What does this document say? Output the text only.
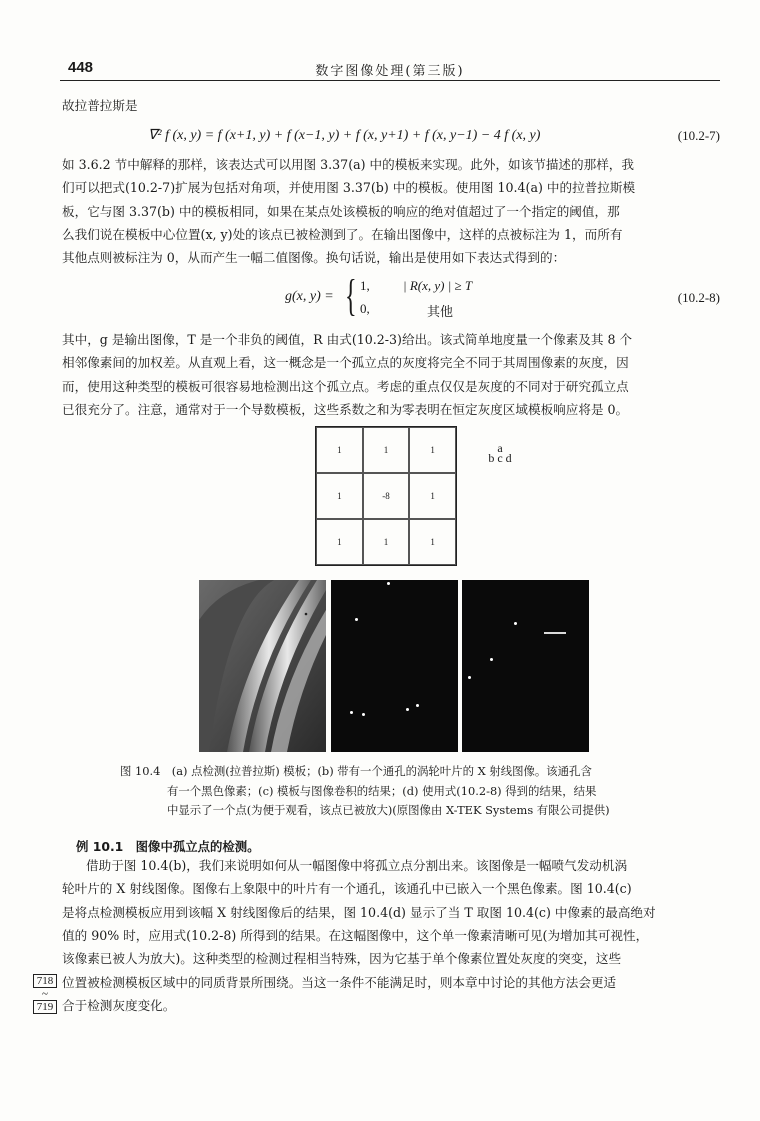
448	数字图像处理(第三版)
故拉普拉斯是
∇² f (x, y) = f (x+1, y) + f (x−1, y) + f (x, y+1) + f (x, y−1) − 4 f (x, y)	(10.2-7)
如 3.6.2 节中解释的那样，该表达式可以用图 3.37(a) 中的模板来实现。此外，如该节描述的那样，我
们可以把式(10.2-7)扩展为包括对角项，并使用图 3.37(b) 中的模板。使用图 10.4(a) 中的拉普拉斯模
板，它与图 3.37(b) 中的模板相同，如果在某点处该模板的响应的绝对值超过了一个指定的阈值，那
么我们说在模板中心位置(x, y)处的该点已被检测到了。在输出图像中，这样的点被标注为 1，而所有
其他点则被标注为 0，从而产生一幅二值图像。换句话说，输出是使用如下表达式得到的：
g(x, y) = { 1,	| R(x, y) | ≥ T
0,	其他
(10.2-8)
其中，g 是输出图像，T 是一个非负的阈值，R 由式(10.2-3)给出。该式简单地度量一个像素及其 8 个
相邻像素间的加权差。从直观上看，这一概念是一个孤立点的灰度将完全不同于其周围像素的灰度，因
而，使用这种类型的模板可很容易地检测出这个孤立点。考虑的重点仅仅是灰度的不同对于研究孤立点
已很充分了。注意，通常对于一个导数模板，这些系数之和为零表明在恒定灰度区域模板响应将是 0。
1	1	1
1	-8	1
1	1	1
a
b c d
图 10.4　(a) 点检测(拉普拉斯) 模板；(b) 带有一个通孔的涡轮叶片的 X 射线图像。该通孔含
有一个黑色像素；(c) 模板与图像卷积的结果；(d) 使用式(10.2-8) 得到的结果，结果
中显示了一个点(为便于观看，该点已被放大)(原图像由 X-TEK Systems 有限公司提供)
例 10.1　图像中孤立点的检测。
借助于图 10.4(b)，我们来说明如何从一幅图像中将孤立点分割出来。该图像是一幅喷气发动机涡
轮叶片的 X 射线图像。图像右上象限中的叶片有一个通孔，该通孔中已嵌入一个黑色像素。图 10.4(c)
是将点检测模板应用到该幅 X 射线图像后的结果，图 10.4(d) 显示了当 T 取图 10.4(c) 中像素的最高绝对
值的 90% 时，应用式(10.2-8) 所得到的结果。在这幅图像中，这个单一像素清晰可见(为增加其可视性，
该像素已被人为放大)。这种类型的检测过程相当特殊，因为它基于单个像素位置处灰度的突变，这些
位置被检测模板区域中的同质背景所围绕。当这一条件不能满足时，则本章中讨论的其他方法会更适
合于检测灰度变化。
718
~
719
